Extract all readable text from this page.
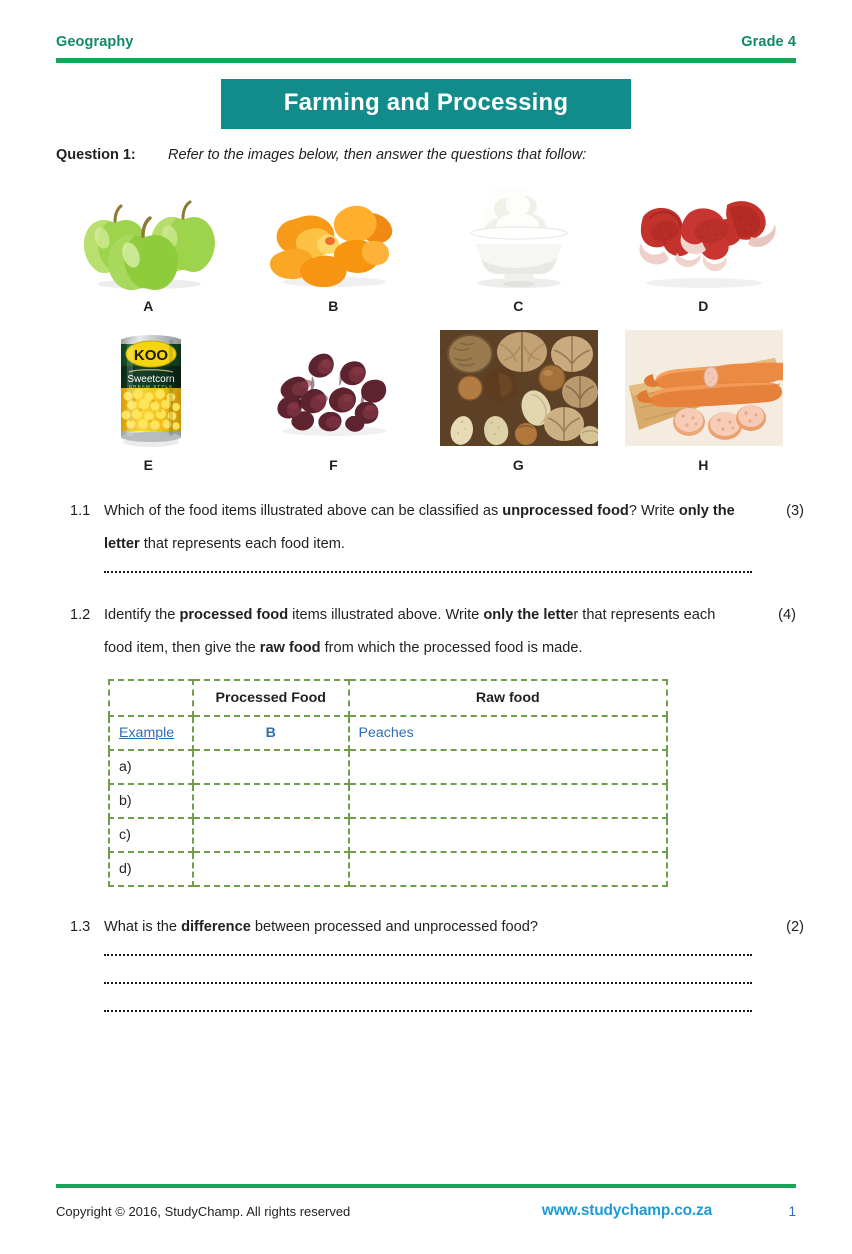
Geography	Grade 4
Farming and Processing
Question 1:	Refer to the images below, then answer the questions that follow:
A	B	C	D
KOO
Sweetcorn
CREAM STYLE
E	F	G	H
1.1 Which of the food items illustrated above can be classified as unprocessed food? Write only the letter that represents each food item.
(3)
1.2 Identify the processed food items illustrated above. Write only the letter that represents each food item, then give the raw food from which the processed food is made.
(4)
	Processed Food	Raw food
Example	B	Peaches
a)		
b)		
c)		
d)		
1.3 What is the difference between processed and unprocessed food?	(2)
Copyright © 2016, StudyChamp. All rights reserved	www.studychamp.co.za	1
